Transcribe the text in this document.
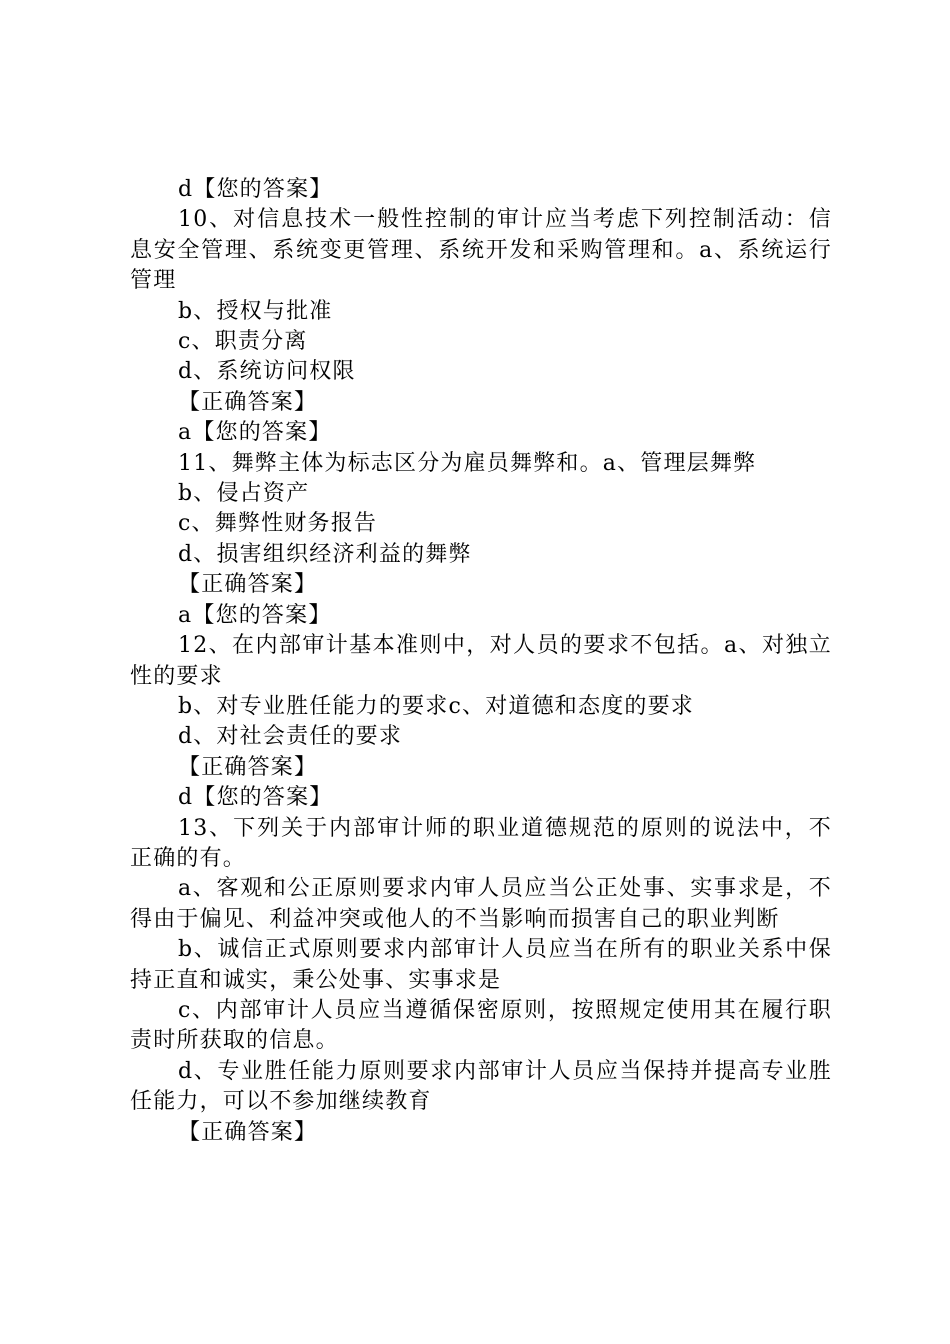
d【您的答案】

10、对信息技术一般性控制的审计应当考虑下列控制活动：信息安全管理、系统变更管理、系统开发和采购管理和。a、系统运行管理

b、授权与批准

c、职责分离

d、系统访问权限

【正确答案】

a【您的答案】

11、舞弊主体为标志区分为雇员舞弊和。a、管理层舞弊

b、侵占资产

c、舞弊性财务报告

d、损害组织经济利益的舞弊

【正确答案】

a【您的答案】

12、在内部审计基本准则中，对人员的要求不包括。a、对独立性的要求

b、对专业胜任能力的要求c、对道德和态度的要求

d、对社会责任的要求

【正确答案】

d【您的答案】

13、下列关于内部审计师的职业道德规范的原则的说法中，不正确的有。

a、客观和公正原则要求内审人员应当公正处事、实事求是，不得由于偏见、利益冲突或他人的不当影响而损害自己的职业判断

b、诚信正式原则要求内部审计人员应当在所有的职业关系中保持正直和诚实，秉公处事、实事求是

c、内部审计人员应当遵循保密原则，按照规定使用其在履行职责时所获取的信息。

d、专业胜任能力原则要求内部审计人员应当保持并提高专业胜任能力，可以不参加继续教育

【正确答案】
